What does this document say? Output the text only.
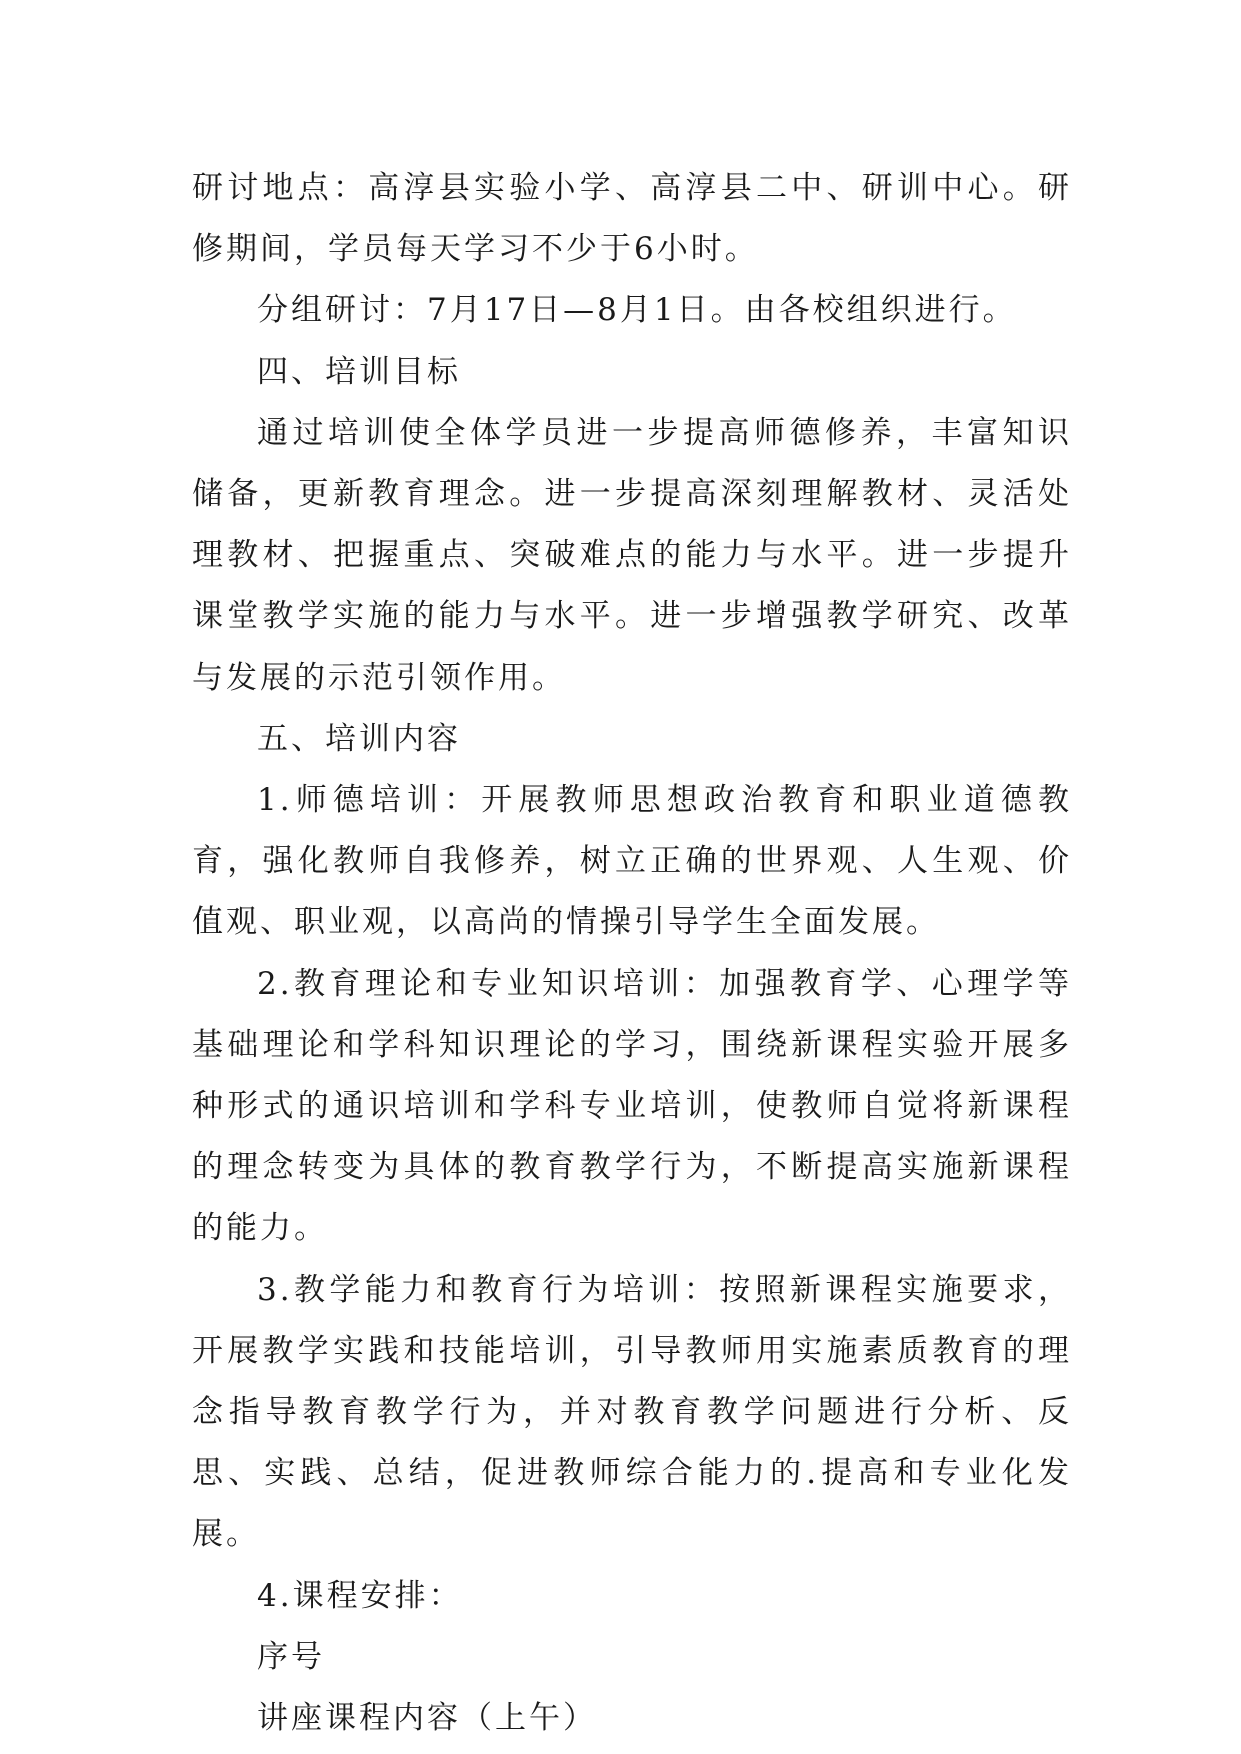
研讨地点：高淳县实验小学、高淳县二中、研训中心。研修期间，学员每天学习不少于6小时。

分组研讨：7月17日—8月1日。由各校组织进行。

四、培训目标

通过培训使全体学员进一步提高师德修养，丰富知识储备，更新教育理念。进一步提高深刻理解教材、灵活处理教材、把握重点、突破难点的能力与水平。进一步提升课堂教学实施的能力与水平。进一步增强教学研究、改革与发展的示范引领作用。

五、培训内容

1.师德培训：开展教师思想政治教育和职业道德教育，强化教师自我修养，树立正确的世界观、人生观、价值观、职业观，以高尚的情操引导学生全面发展。

2.教育理论和专业知识培训：加强教育学、心理学等基础理论和学科知识理论的学习，围绕新课程实验开展多种形式的通识培训和学科专业培训，使教师自觉将新课程的理念转变为具体的教育教学行为，不断提高实施新课程的能力。

3.教学能力和教育行为培训：按照新课程实施要求，开展教学实践和技能培训，引导教师用实施素质教育的理念指导教育教学行为，并对教育教学问题进行分析、反思、实践、总结，促进教师综合能力的.提高和专业化发展。

4.课程安排：

序号

讲座课程内容（上午）
